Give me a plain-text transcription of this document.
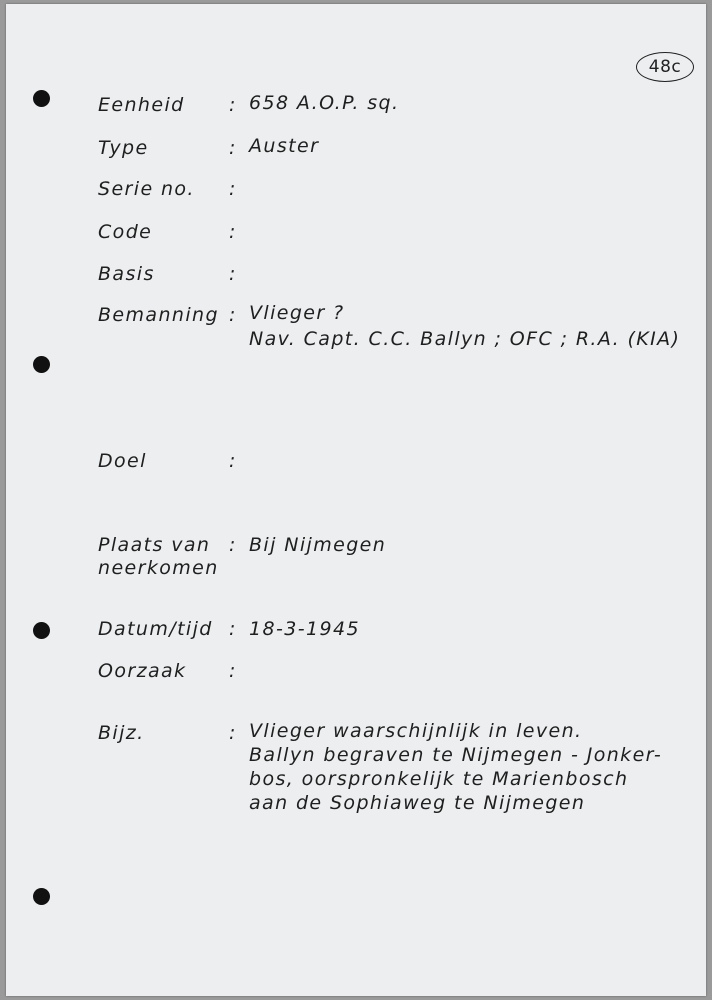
48c
Eenheid : 658 A.O.P. sq.
Type	: Auster
Serie no. :
Code	:
Basis	:
Bemanning : Vlieger ?
Nav. Capt. C.C. Ballyn ; OFC ; R.A. (KIA)
Doel	:
Plaats van
neerkomen
: Bij Nijmegen
Datum/tijd : 18-3-1945
Oorzaak :
Bijz.	: Vlieger waarschijnlijk in leven.
Ballyn begraven te Nijmegen - Jonker-
bos, oorspronkelijk te Marienbosch
aan de Sophiaweg te Nijmegen
